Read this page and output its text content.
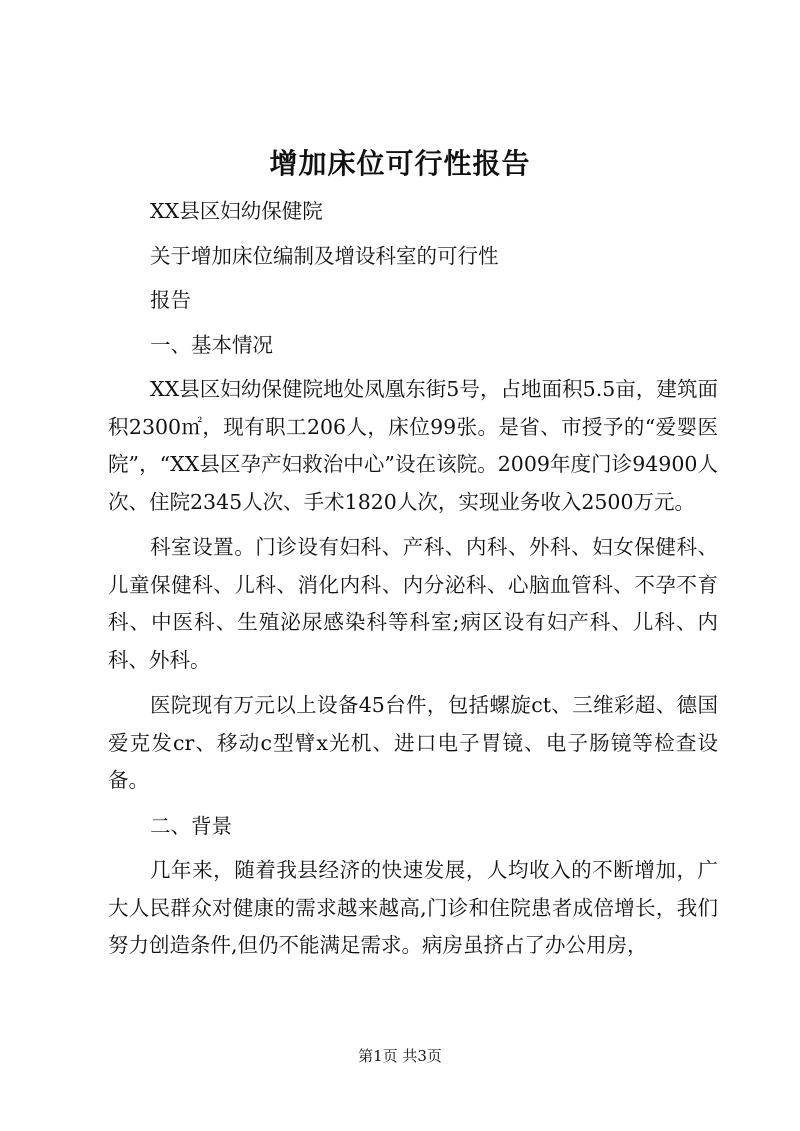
增加床位可行性报告

XX县区妇幼保健院

关于增加床位编制及增设科室的可行性

报告

一、基本情况

XX县区妇幼保健院地处凤凰东街5号，占地面积5.5亩，建筑面积2300㎡，现有职工206人，床位99张。是省、市授予的“爱婴医院”，“XX县区孕产妇救治中心”设在该院。2009年度门诊94900人次、住院2345人次、手术1820人次，实现业务收入2500万元。

科室设置。门诊设有妇科、产科、内科、外科、妇女保健科、儿童保健科、儿科、消化内科、内分泌科、心脑血管科、不孕不育科、中医科、生殖泌尿感染科等科室;病区设有妇产科、儿科、内科、外科。

医院现有万元以上设备45台件，包括螺旋ct、三维彩超、德国爱克发cr、移动c型臂x光机、进口电子胃镜、电子肠镜等检查设备。

二、背景

几年来，随着我县经济的快速发展，人均收入的不断增加，广大人民群众对健康的需求越来越高,门诊和住院患者成倍增长，我们努力创造条件,但仍不能满足需求。病房虽挤占了办公用房，

第1页 共3页
